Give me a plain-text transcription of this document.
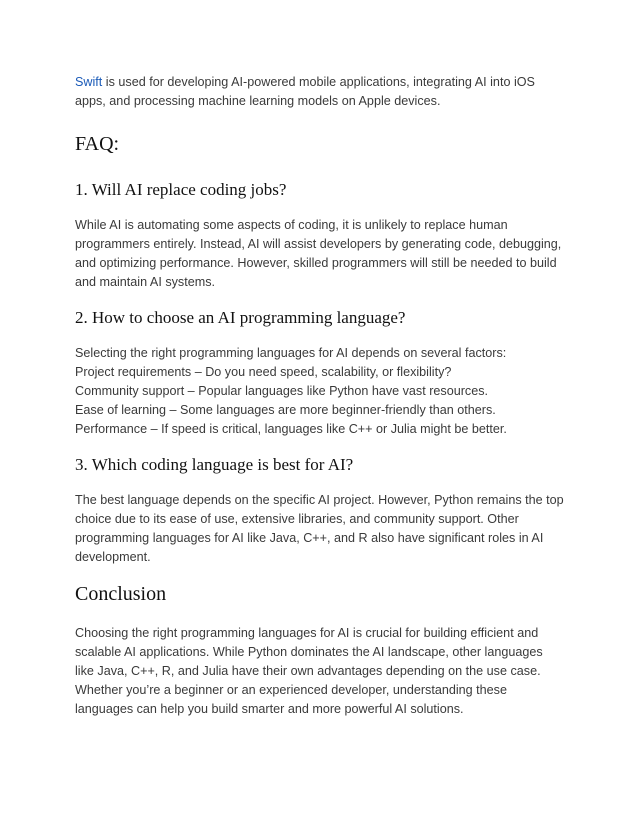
Swift is used for developing AI-powered mobile applications, integrating AI into iOS apps, and processing machine learning models on Apple devices.

FAQ:
1. Will AI replace coding jobs?

While AI is automating some aspects of coding, it is unlikely to replace human programmers entirely. Instead, AI will assist developers by generating code, debugging, and optimizing performance. However, skilled programmers will still be needed to build and maintain AI systems.

2. How to choose an AI programming language?

Selecting the right programming languages for AI depends on several factors:
Project requirements – Do you need speed, scalability, or flexibility?
Community support – Popular languages like Python have vast resources.
Ease of learning – Some languages are more beginner-friendly than others.
Performance – If speed is critical, languages like C++ or Julia might be better.

3. Which coding language is best for AI?

The best language depends on the specific AI project. However, Python remains the top choice due to its ease of use, extensive libraries, and community support. Other programming languages for AI like Java, C++, and R also have significant roles in AI development.

Conclusion

Choosing the right programming languages for AI is crucial for building efficient and scalable AI applications. While Python dominates the AI landscape, other languages like Java, C++, R, and Julia have their own advantages depending on the use case. Whether you’re a beginner or an experienced developer, understanding these languages can help you build smarter and more powerful AI solutions.
